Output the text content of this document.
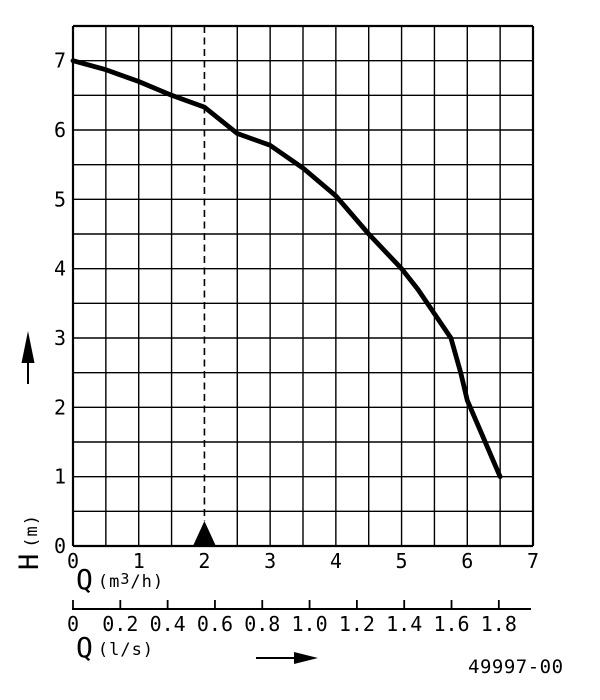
0
1
2
3
4
5
6
7
0	1	2	3	4	5	6	7
0 0.2 0.4 0.6 0.8 1.0 1.2 1.4 1.6 1.8
H
(m)
Q (m3/h)
Q (l/s)
49997-00
